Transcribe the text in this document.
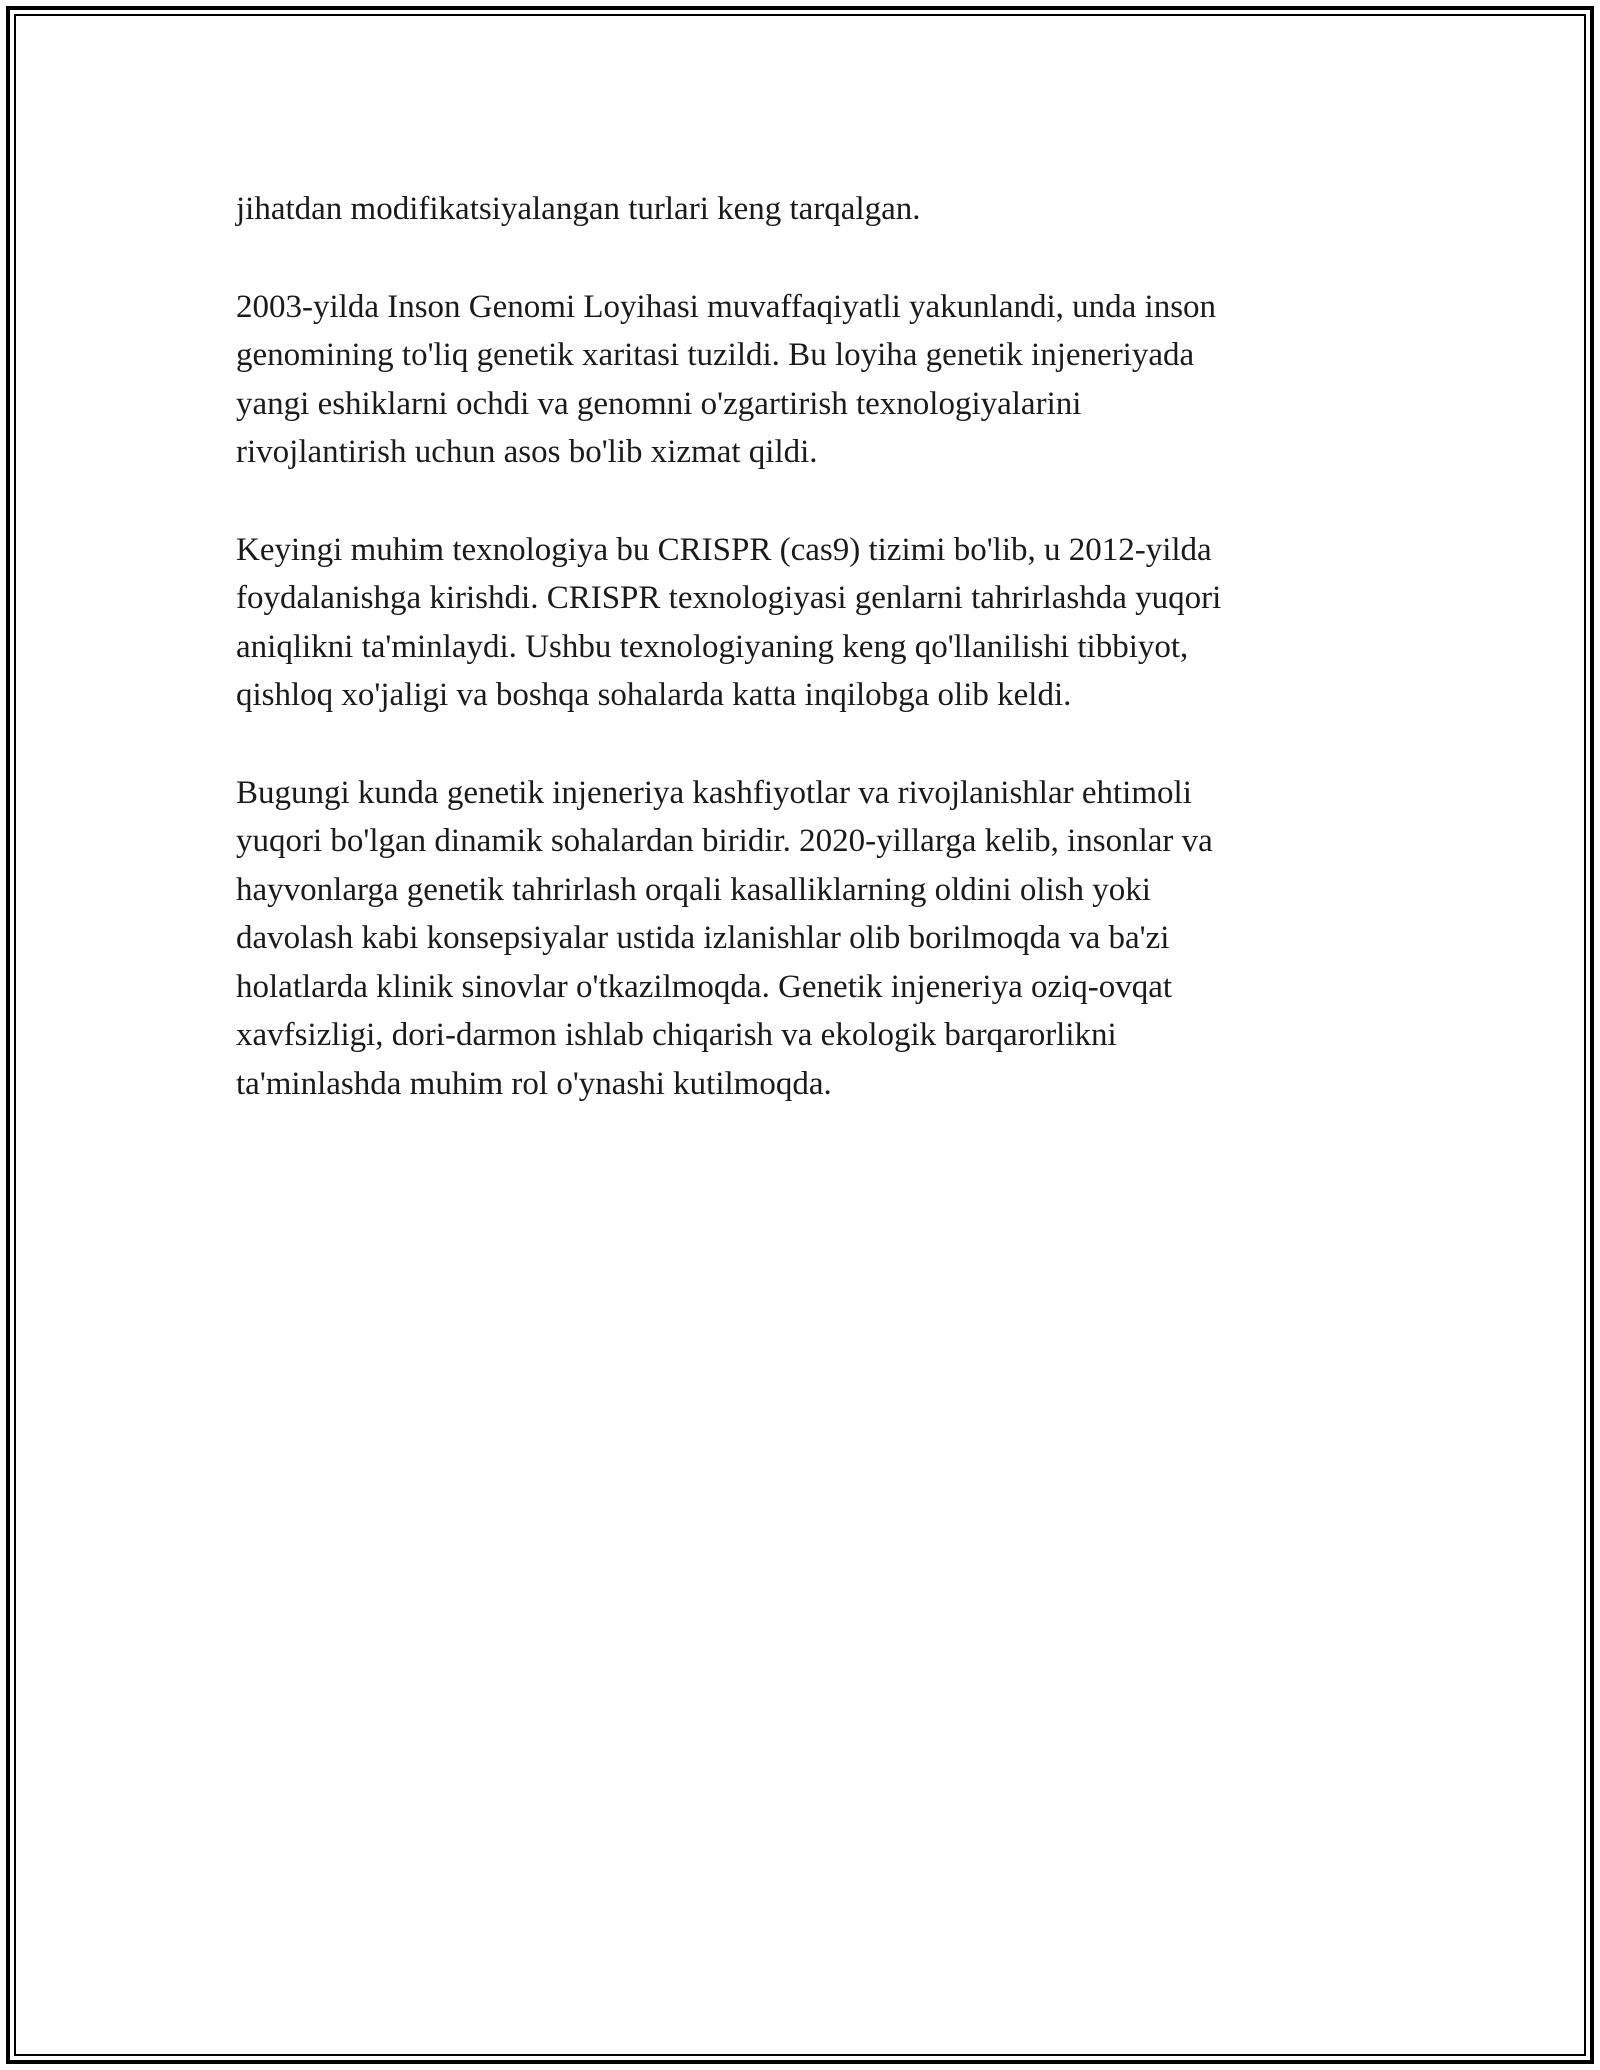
jihatdan modifikatsiyalangan turlari keng tarqalgan.

2003-yilda Inson Genomi Loyihasi muvaffaqiyatli yakunlandi, unda inson
genomining to'liq genetik xaritasi tuzildi. Bu loyiha genetik injeneriyada
yangi eshiklarni ochdi va genomni o'zgartirish texnologiyalarini
rivojlantirish uchun asos bo'lib xizmat qildi.

Keyingi muhim texnologiya bu CRISPR (cas9) tizimi bo'lib, u 2012-yilda
foydalanishga kirishdi. CRISPR texnologiyasi genlarni tahrirlashda yuqori
aniqlikni ta'minlaydi. Ushbu texnologiyaning keng qo'llanilishi tibbiyot,
qishloq xo'jaligi va boshqa sohalarda katta inqilobga olib keldi.

Bugungi kunda genetik injeneriya kashfiyotlar va rivojlanishlar ehtimoli
yuqori bo'lgan dinamik sohalardan biridir. 2020-yillarga kelib, insonlar va
hayvonlarga genetik tahrirlash orqali kasalliklarning oldini olish yoki
davolash kabi konsepsiyalar ustida izlanishlar olib borilmoqda va ba'zi
holatlarda klinik sinovlar o'tkazilmoqda. Genetik injeneriya oziq-ovqat
xavfsizligi, dori-darmon ishlab chiqarish va ekologik barqarorlikni
ta'minlashda muhim rol o'ynashi kutilmoqda.
